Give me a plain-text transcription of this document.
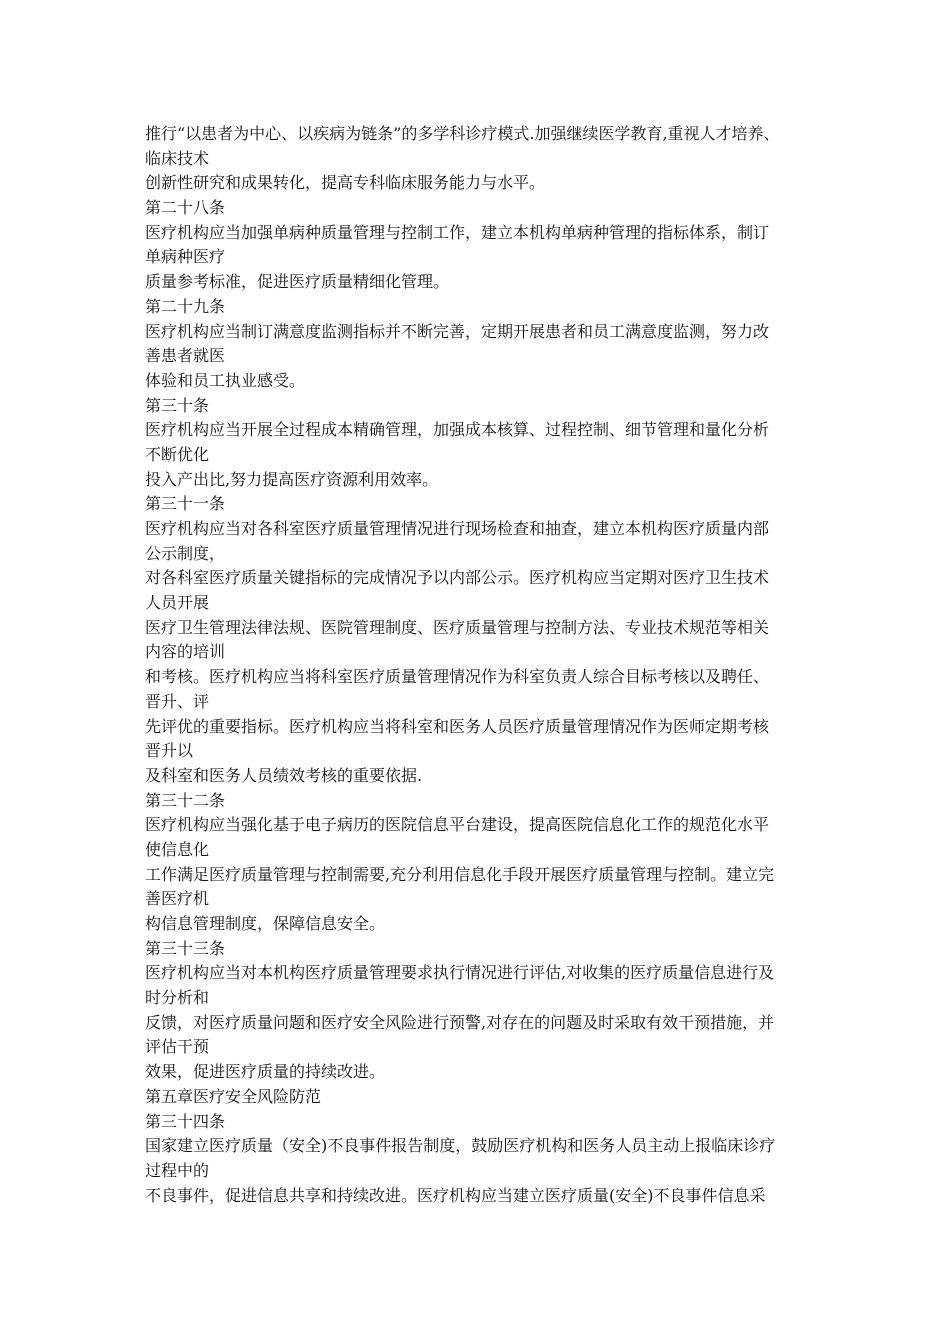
推行“以患者为中心、以疾病为链条”的多学科诊疗模式.加强继续医学教育,重视人才培养、
临床技术
创新性研究和成果转化，提高专科临床服务能力与水平。
第二十八条
医疗机构应当加强单病种质量管理与控制工作，建立本机构单病种管理的指标体系，制订
单病种医疗
质量参考标准，促进医疗质量精细化管理。
第二十九条
医疗机构应当制订满意度监测指标并不断完善，定期开展患者和员工满意度监测，努力改
善患者就医
体验和员工执业感受。
第三十条
医疗机构应当开展全过程成本精确管理，加强成本核算、过程控制、细节管理和量化分析
不断优化
投入产出比,努力提高医疗资源利用效率。
第三十一条
医疗机构应当对各科室医疗质量管理情况进行现场检查和抽查，建立本机构医疗质量内部
公示制度，
对各科室医疗质量关键指标的完成情况予以内部公示。医疗机构应当定期对医疗卫生技术
人员开展
医疗卫生管理法律法规、医院管理制度、医疗质量管理与控制方法、专业技术规范等相关
内容的培训
和考核。医疗机构应当将科室医疗质量管理情况作为科室负责人综合目标考核以及聘任、
晋升、评
先评优的重要指标。医疗机构应当将科室和医务人员医疗质量管理情况作为医师定期考核
晋升以
及科室和医务人员绩效考核的重要依据.
第三十二条
医疗机构应当强化基于电子病历的医院信息平台建设，提高医院信息化工作的规范化水平
使信息化
工作满足医疗质量管理与控制需要,充分利用信息化手段开展医疗质量管理与控制。建立完
善医疗机
构信息管理制度，保障信息安全。
第三十三条
医疗机构应当对本机构医疗质量管理要求执行情况进行评估,对收集的医疗质量信息进行及
时分析和
反馈，对医疗质量问题和医疗安全风险进行预警,对存在的问题及时采取有效干预措施，并
评估干预
效果，促进医疗质量的持续改进。
第五章医疗安全风险防范
第三十四条
国家建立医疗质量（安全)不良事件报告制度，鼓励医疗机构和医务人员主动上报临床诊疗
过程中的
不良事件，促进信息共享和持续改进。医疗机构应当建立医疗质量(安全)不良事件信息采
